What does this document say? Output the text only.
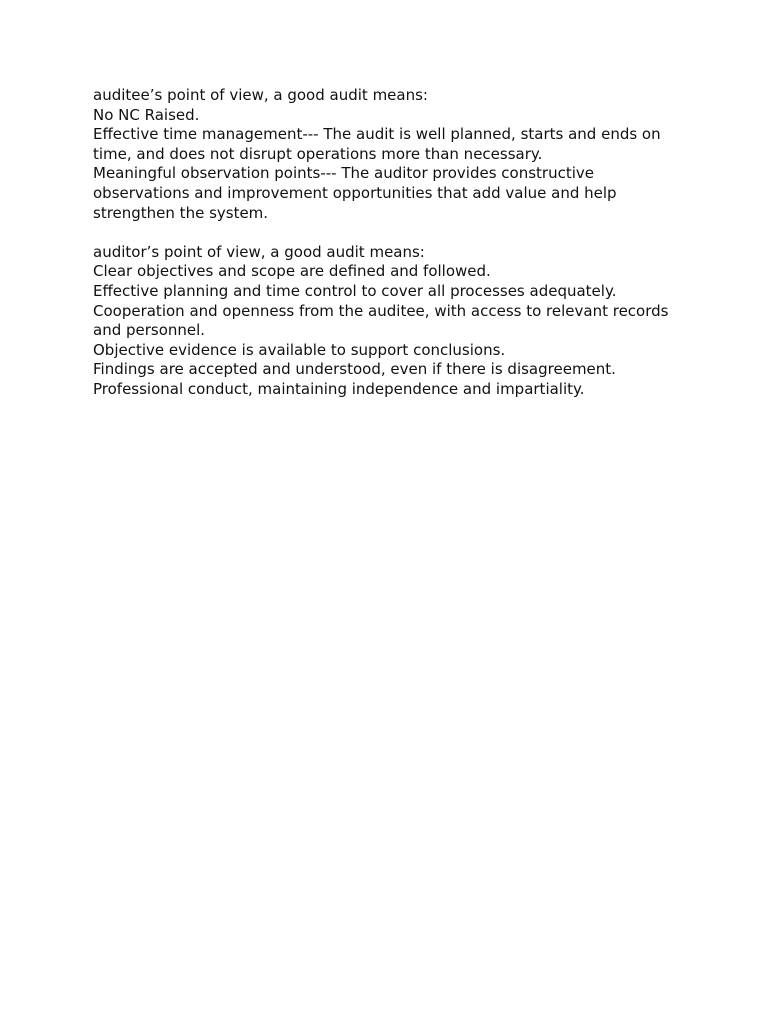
auditee’s point of view, a good audit means:

No NC Raised.

Effective time management--- The audit is well planned, starts and ends on time, and does not disrupt operations more than necessary.

Meaningful observation points--- The auditor provides constructive observations and improvement opportunities that add value and help strengthen the system.

auditor’s point of view, a good audit means:

Clear objectives and scope are defined and followed.

Effective planning and time control to cover all processes adequately.

Cooperation and openness from the auditee, with access to relevant records and personnel.

Objective evidence is available to support conclusions.

Findings are accepted and understood, even if there is disagreement.

Professional conduct, maintaining independence and impartiality.
